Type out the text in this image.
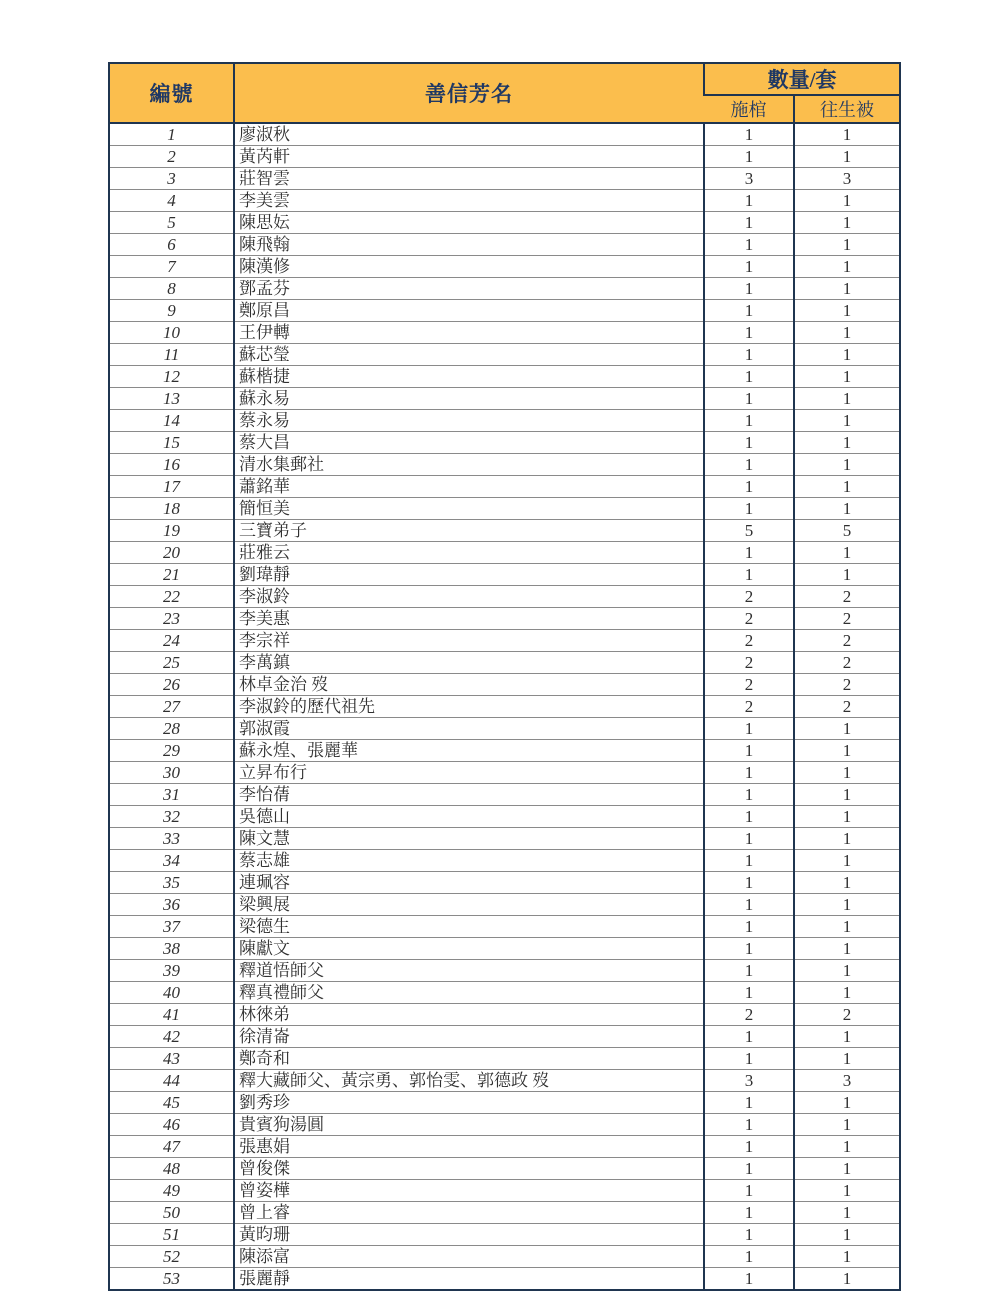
編號	善信芳名	數量/套	
		施棺	往生被
1	廖淑秋	1	1
2	黃芮軒	1	1
3	莊智雲	3	3
4	李美雲	1	1
5	陳思妘	1	1
6	陳飛翰	1	1
7	陳漢修	1	1
8	鄧孟芬	1	1
9	鄭原昌	1	1
10	王伊轉	1	1
11	蘇芯瑩	1	1
12	蘇楷捷	1	1
13	蘇永易	1	1
14	蔡永易	1	1
15	蔡大昌	1	1
16	清水集郵社	1	1
17	蕭銘華	1	1
18	簡恒美	1	1
19	三寶弟子	5	5
20	莊雅云	1	1
21	劉瑋靜	1	1
22	李淑鈴	2	2
23	李美惠	2	2
24	李宗祥	2	2
25	李萬鎮	2	2
26	林卓金治 歿	2	2
27	李淑鈴的歷代祖先	2	2
28	郭淑霞	1	1
29	蘇永煌、張麗華	1	1
30	立昇布行	1	1
31	李怡蒨	1	1
32	吳德山	1	1
33	陳文慧	1	1
34	蔡志雄	1	1
35	連珮容	1	1
36	梁興展	1	1
37	梁德生	1	1
38	陳獻文	1	1
39	釋道悟師父	1	1
40	釋真禮師父	1	1
41	林徠弟	2	2
42	徐清崙	1	1
43	鄭奇和	1	1
44	釋大藏師父、黃宗勇、郭怡雯、郭德政 歿	3	3
45	劉秀珍	1	1
46	貴賓狗湯圓	1	1
47	張惠娟	1	1
48	曾俊傑	1	1
49	曾姿樺	1	1
50	曾上睿	1	1
51	黃昀珊	1	1
52	陳添富	1	1
53	張麗靜	1	1
